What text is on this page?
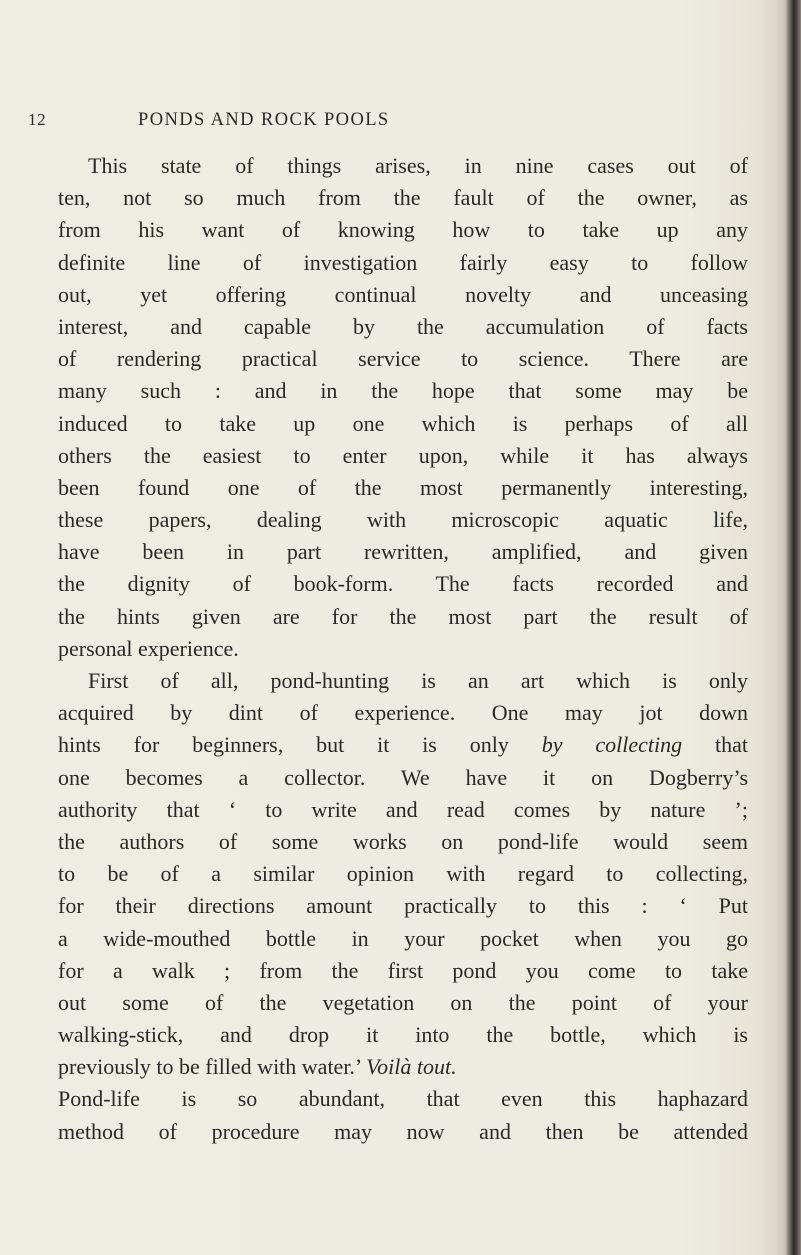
12	PONDS AND ROCK POOLS
This state of things arises, in nine cases out of
ten, not so much from the fault of the owner, as
from his want of knowing how to take up any
definite line of investigation fairly easy to follow
out, yet offering continual novelty and unceasing
interest, and capable by the accumulation of facts
of rendering practical service to science. There are
many such : and in the hope that some may be
induced to take up one which is perhaps of all
others the easiest to enter upon, while it has always
been found one of the most permanently interesting,
these papers, dealing with microscopic aquatic life,
have been in part rewritten, amplified, and given
the dignity of book-form. The facts recorded and
the hints given are for the most part the result of
personal experience.
First of all, pond-hunting is an art which is only
acquired by dint of experience. One may jot down
hints for beginners, but it is only by collecting that
one becomes a collector. We have it on Dogberry’s
authority that ‘ to write and read comes by nature ’;
the authors of some works on pond-life would seem
to be of a similar opinion with regard to collecting,
for their directions amount practically to this : ‘ Put
a wide-mouthed bottle in your pocket when you go
for a walk ; from the first pond you come to take
out some of the vegetation on the point of your
walking-stick, and drop it into the bottle, which is
previously to be filled with water.’ Voilà tout.
Pond-life is so abundant, that even this haphazard
method of procedure may now and then be attended
